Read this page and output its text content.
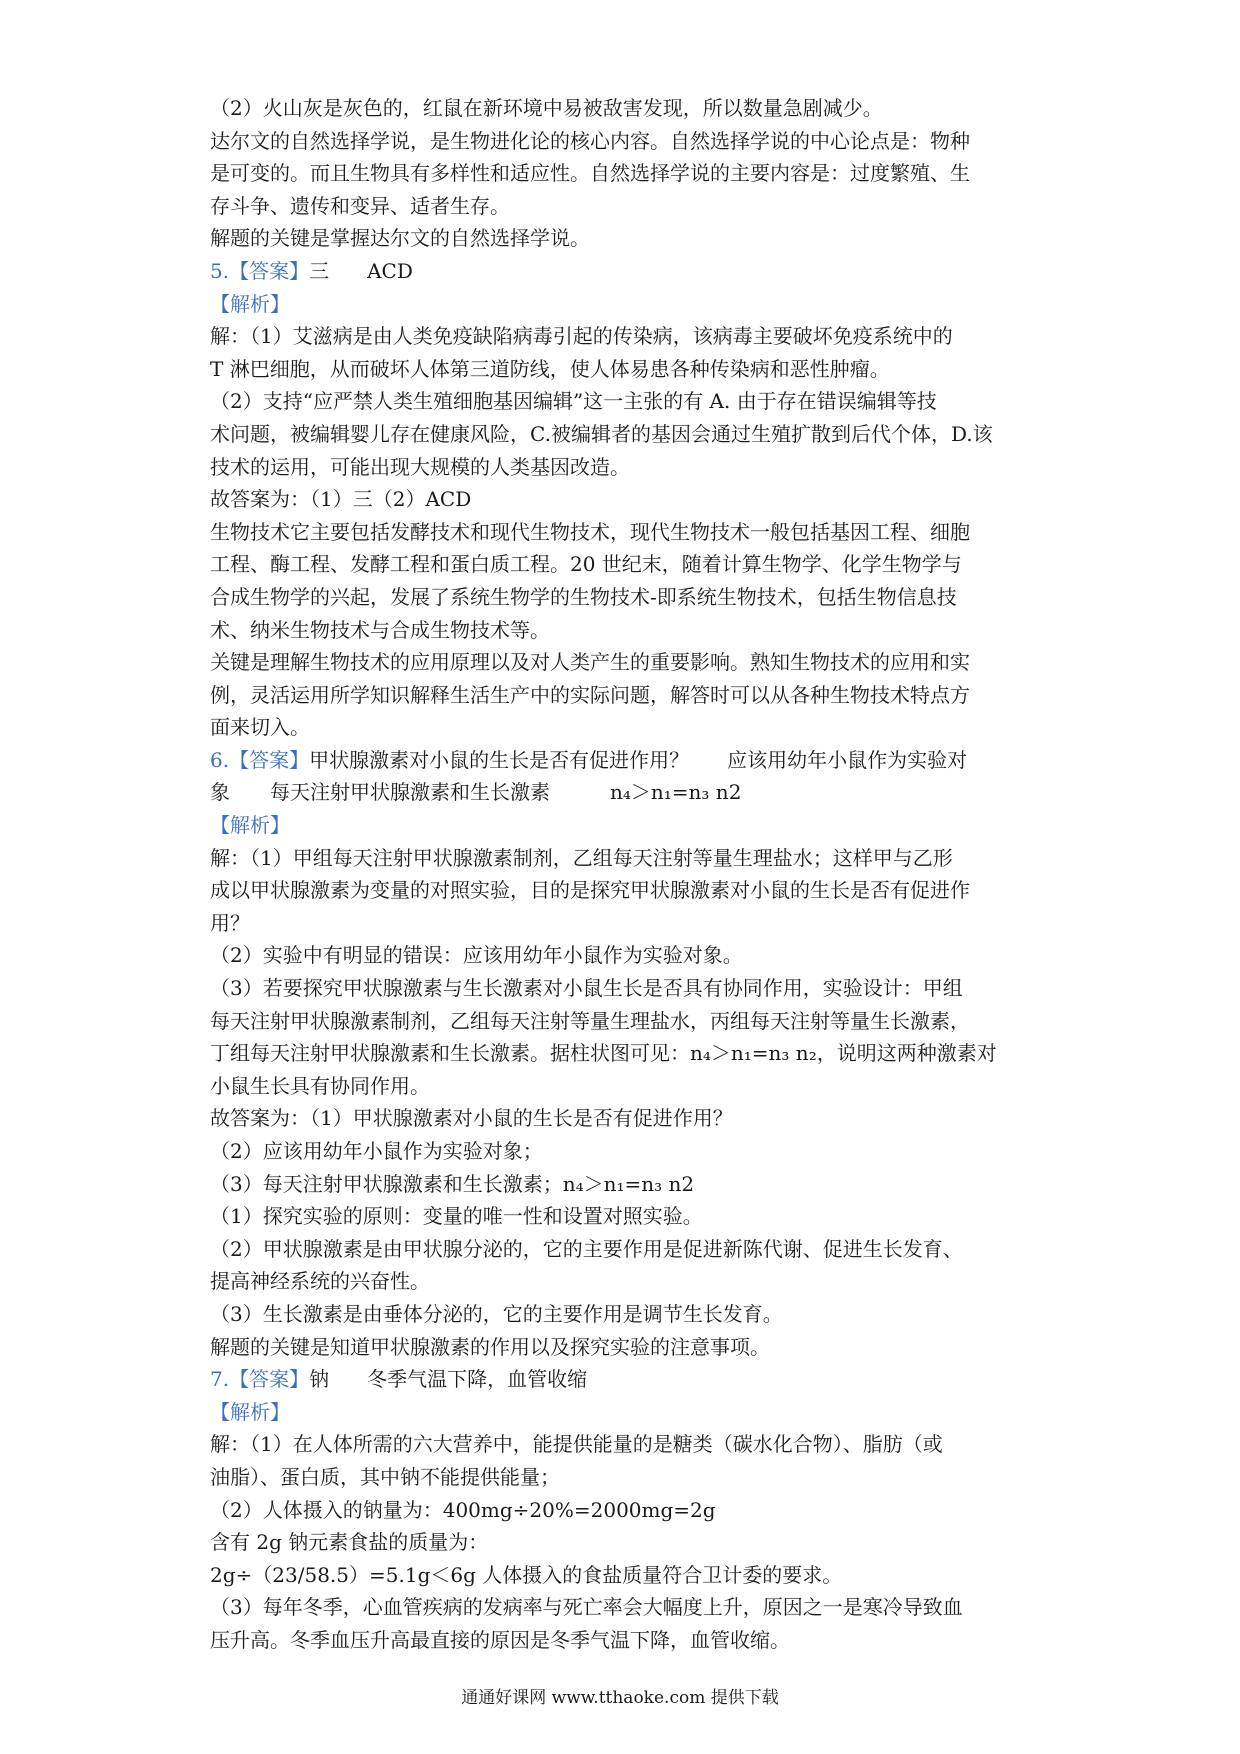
（2）火山灰是灰色的，红鼠在新环境中易被敌害发现，所以数量急剧减少。
达尔文的自然选择学说，是生物进化论的核心内容。自然选择学说的中心论点是：物种
是可变的。而且生物具有多样性和适应性。自然选择学说的主要内容是：过度繁殖、生
存斗争、遗传和变异、适者生存。
解题的关键是掌握达尔文的自然选择学说。
5.【答案】三 ACD
【解析】
解：（1）艾滋病是由人类免疫缺陷病毒引起的传染病，该病毒主要破坏免疫系统中的
T 淋巴细胞，从而破坏人体第三道防线，使人体易患各种传染病和恶性肿瘤。
（2）支持“应严禁人类生殖细胞基因编辑”这一主张的有 A. 由于存在错误编辑等技
术问题，被编辑婴儿存在健康风险，C.被编辑者的基因会通过生殖扩散到后代个体，D.该
技术的运用，可能出现大规模的人类基因改造。
故答案为：（1）三（2）ACD
生物技术它主要包括发酵技术和现代生物技术，现代生物技术一般包括基因工程、细胞
工程、酶工程、发酵工程和蛋白质工程。20 世纪末，随着计算生物学、化学生物学与
合成生物学的兴起，发展了系统生物学的生物技术-即系统生物技术，包括生物信息技
术、纳米生物技术与合成生物技术等。
关键是理解生物技术的应用原理以及对人类产生的重要影响。熟知生物技术的应用和实
例，灵活运用所学知识解释生活生产中的实际问题，解答时可以从各种生物技术特点方
面来切入。
6.【答案】甲状腺激素对小鼠的生长是否有促进作用？ 应该用幼年小鼠作为实验对
象　　每天注射甲状腺激素和生长激素　　　n₄＞n₁=n₃ n2
【解析】
解：（1）甲组每天注射甲状腺激素制剂，乙组每天注射等量生理盐水；这样甲与乙形
成以甲状腺激素为变量的对照实验，目的是探究甲状腺激素对小鼠的生长是否有促进作
用？
（2）实验中有明显的错误：应该用幼年小鼠作为实验对象。
（3）若要探究甲状腺激素与生长激素对小鼠生长是否具有协同作用，实验设计：甲组
每天注射甲状腺激素制剂，乙组每天注射等量生理盐水，丙组每天注射等量生长激素，
丁组每天注射甲状腺激素和生长激素。据柱状图可见：n₄＞n₁=n₃ n₂，说明这两种激素对
小鼠生长具有协同作用。
故答案为：（1）甲状腺激素对小鼠的生长是否有促进作用？
（2）应该用幼年小鼠作为实验对象；
（3）每天注射甲状腺激素和生长激素；n₄＞n₁=n₃ n2
（1）探究实验的原则：变量的唯一性和设置对照实验。
（2）甲状腺激素是由甲状腺分泌的，它的主要作用是促进新陈代谢、促进生长发育、
提高神经系统的兴奋性。
（3）生长激素是由垂体分泌的，它的主要作用是调节生长发育。
解题的关键是知道甲状腺激素的作用以及探究实验的注意事项。
7.【答案】钠 冬季气温下降，血管收缩
【解析】
解：（1）在人体所需的六大营养中，能提供能量的是糖类（碳水化合物）、脂肪（或
油脂）、蛋白质，其中钠不能提供能量；
（2）人体摄入的钠量为：400mg÷20%=2000mg=2g
含有 2g 钠元素食盐的质量为：
2g÷（23/58.5）=5.1g＜6g 人体摄入的食盐质量符合卫计委的要求。
（3）每年冬季，心血管疾病的发病率与死亡率会大幅度上升，原因之一是寒冷导致血
压升高。冬季血压升高最直接的原因是冬季气温下降，血管收缩。
通通好课网 www.tthaoke.com 提供下载
